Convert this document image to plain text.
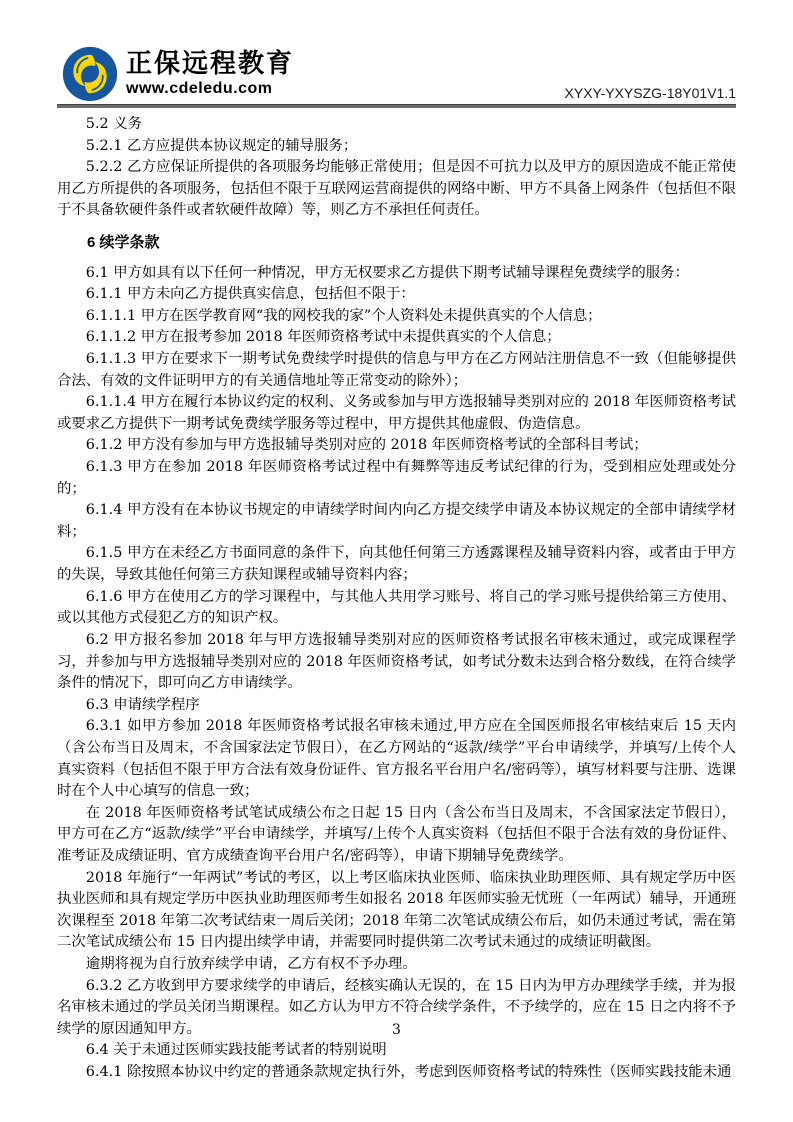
正保远程教育
www.cdeledu.com	XYXY-YXYSZG-18Y01V1.1

5.2 义务

5.2.1 乙方应提供本协议规定的辅导服务；

5.2.2 乙方应保证所提供的各项服务均能够正常使用；但是因不可抗力以及甲方的原因造成不能正常使用乙方所提供的各项服务，包括但不限于互联网运营商提供的网络中断、甲方不具备上网条件（包括但不限于不具备软硬件条件或者软硬件故障）等，则乙方不承担任何责任。

6 续学条款

6.1 甲方如具有以下任何一种情况，甲方无权要求乙方提供下期考试辅导课程免费续学的服务：

6.1.1 甲方未向乙方提供真实信息，包括但不限于：

6.1.1.1 甲方在医学教育网“我的网校我的家”个人资料处未提供真实的个人信息；

6.1.1.2 甲方在报考参加 2018 年医师资格考试中未提供真实的个人信息；

6.1.1.3 甲方在要求下一期考试免费续学时提供的信息与甲方在乙方网站注册信息不一致（但能够提供合法、有效的文件证明甲方的有关通信地址等正常变动的除外）；

6.1.1.4 甲方在履行本协议约定的权利、义务或参加与甲方选报辅导类别对应的 2018 年医师资格考试或要求乙方提供下一期考试免费续学服务等过程中，甲方提供其他虚假、伪造信息。

6.1.2 甲方没有参加与甲方选报辅导类别对应的 2018 年医师资格考试的全部科目考试；

6.1.3 甲方在参加 2018 年医师资格考试过程中有舞弊等违反考试纪律的行为，受到相应处理或处分的；

6.1.4 甲方没有在本协议书规定的申请续学时间内向乙方提交续学申请及本协议规定的全部申请续学材料；

6.1.5 甲方在未经乙方书面同意的条件下，向其他任何第三方透露课程及辅导资料内容，或者由于甲方的失误，导致其他任何第三方获知课程或辅导资料内容；

6.1.6 甲方在使用乙方的学习课程中，与其他人共用学习账号、将自己的学习账号提供给第三方使用、或以其他方式侵犯乙方的知识产权。

6.2 甲方报名参加 2018 年与甲方选报辅导类别对应的医师资格考试报名审核未通过，或完成课程学习，并参加与甲方选报辅导类别对应的 2018 年医师资格考试，如考试分数未达到合格分数线，在符合续学条件的情况下，即可向乙方申请续学。

6.3 申请续学程序

6.3.1 如甲方参加 2018 年医师资格考试报名审核未通过,甲方应在全国医师报名审核结束后 15 天内（含公布当日及周末，不含国家法定节假日），在乙方网站的“返款/续学”平台申请续学，并填写/上传个人真实资料（包括但不限于甲方合法有效身份证件、官方报名平台用户名/密码等），填写材料要与注册、选课时在个人中心填写的信息一致；

在 2018 年医师资格考试笔试成绩公布之日起 15 日内（含公布当日及周末，不含国家法定节假日），甲方可在乙方“返款/续学”平台申请续学，并填写/上传个人真实资料（包括但不限于合法有效的身份证件、准考证及成绩证明、官方成绩查询平台用户名/密码等），申请下期辅导免费续学。

2018 年施行“一年两试”考试的考区，以上考区临床执业医师、临床执业助理医师、具有规定学历中医执业医师和具有规定学历中医执业助理医师考生如报名 2018 年医师实验无忧班（一年两试）辅导，开通班次课程至 2018 年第二次考试结束一周后关闭；2018 年第二次笔试成绩公布后，如仍未通过考试，需在第二次笔试成绩公布 15 日内提出续学申请，并需要同时提供第二次考试未通过的成绩证明截图。

逾期将视为自行放弃续学申请，乙方有权不予办理。

6.3.2 乙方收到甲方要求续学的申请后，经核实确认无误的，在 15 日内为甲方办理续学手续，并为报名审核未通过的学员关闭当期课程。如乙方认为甲方不符合续学条件，不予续学的，应在 15 日之内将不予续学的原因通知甲方。

6.4 关于未通过医师实践技能考试者的特别说明

6.4.1 除按照本协议中约定的普通条款规定执行外，考虑到医师资格考试的特殊性（医师实践技能未通

3
